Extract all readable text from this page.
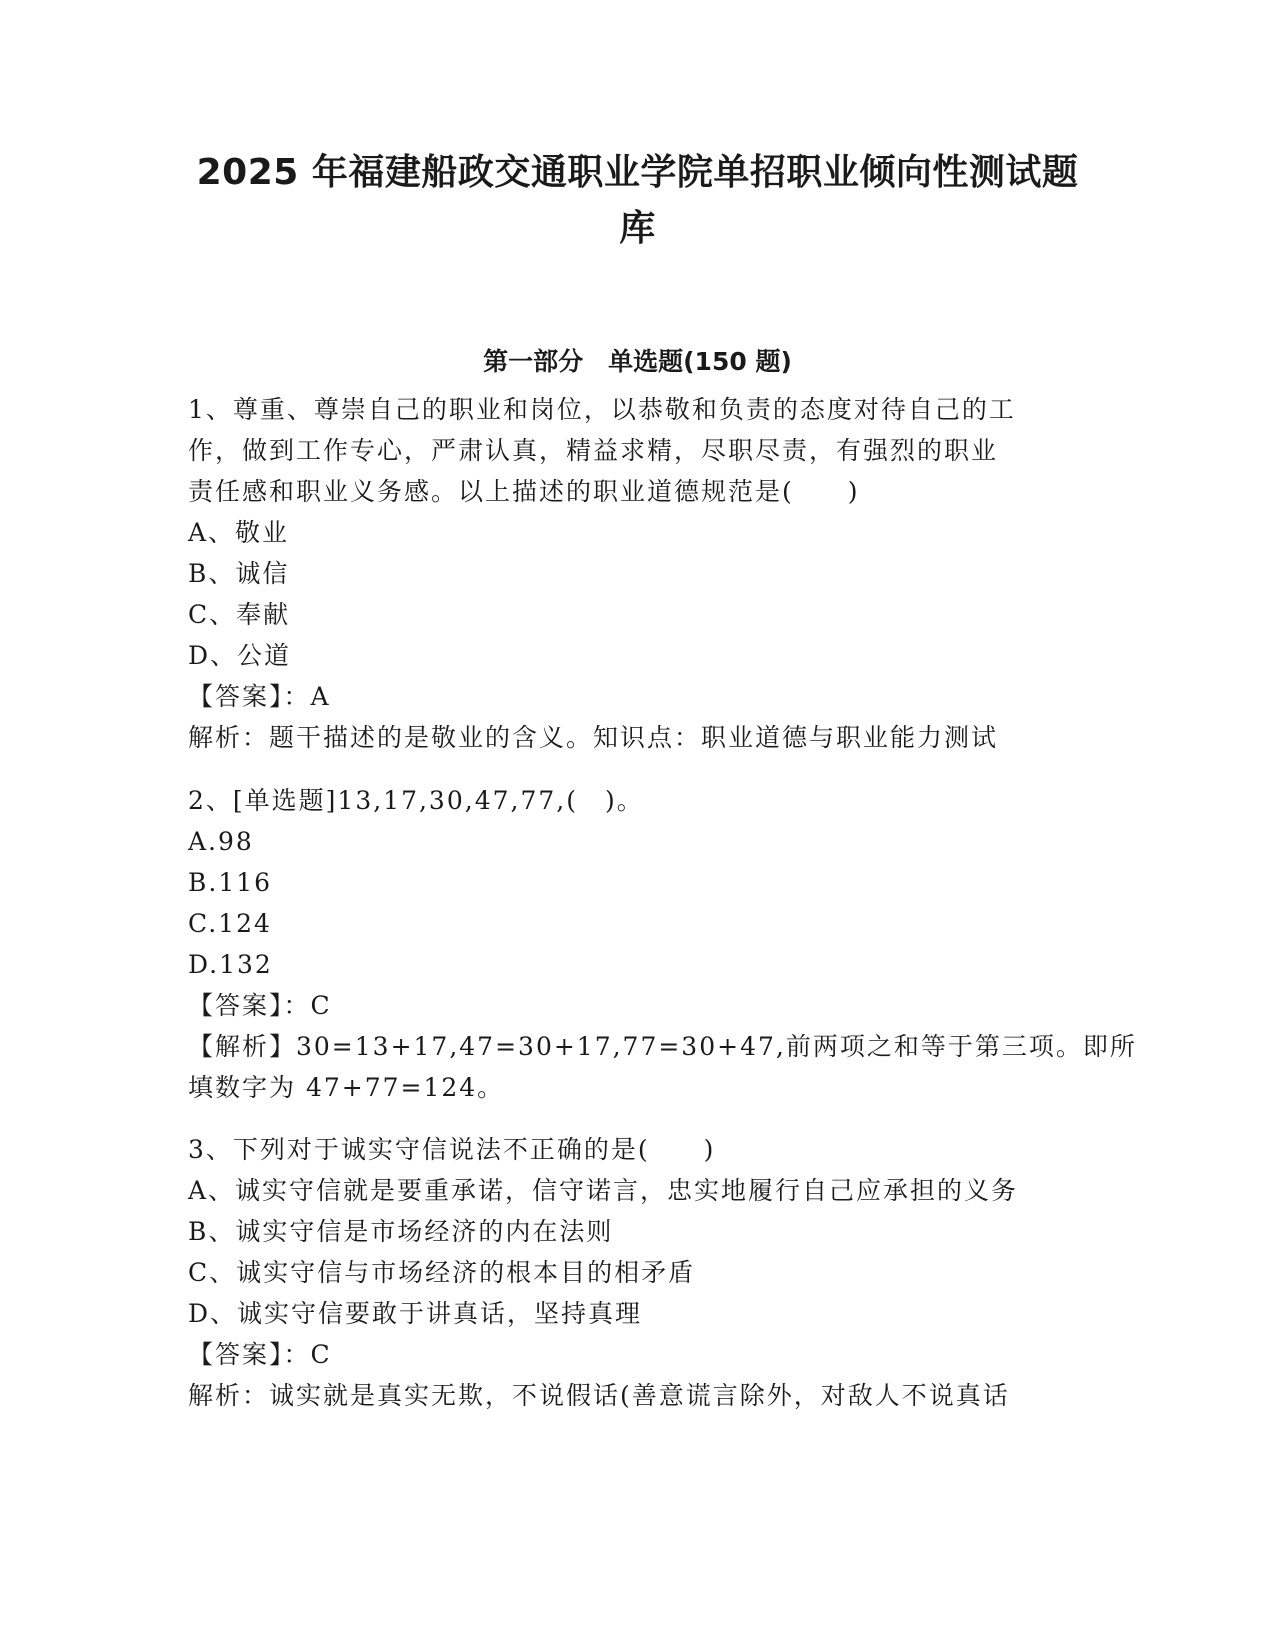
2025 年福建船政交通职业学院单招职业倾向性测试题
库
第一部分　单选题(150 题)
1、尊重、尊崇自己的职业和岗位，以恭敬和负责的态度对待自己的工
作，做到工作专心，严肃认真，精益求精，尽职尽责，有强烈的职业
责任感和职业义务感。以上描述的职业道德规范是(　　)
A、敬业
B、诚信
C、奉献
D、公道
【答案】：A
解析：题干描述的是敬业的含义。知识点：职业道德与职业能力测试
2、[单选题]13,17,30,47,77,(　)。
A.98
B.116
C.124
D.132
【答案】：C
【解析】30=13+17,47=30+17,77=30+47,前两项之和等于第三项。即所
填数字为 47+77=124。
3、下列对于诚实守信说法不正确的是(　　)
A、诚实守信就是要重承诺，信守诺言，忠实地履行自己应承担的义务
B、诚实守信是市场经济的内在法则
C、诚实守信与市场经济的根本目的相矛盾
D、诚实守信要敢于讲真话，坚持真理
【答案】：C
解析：诚实就是真实无欺，不说假话(善意谎言除外，对敌人不说真话
